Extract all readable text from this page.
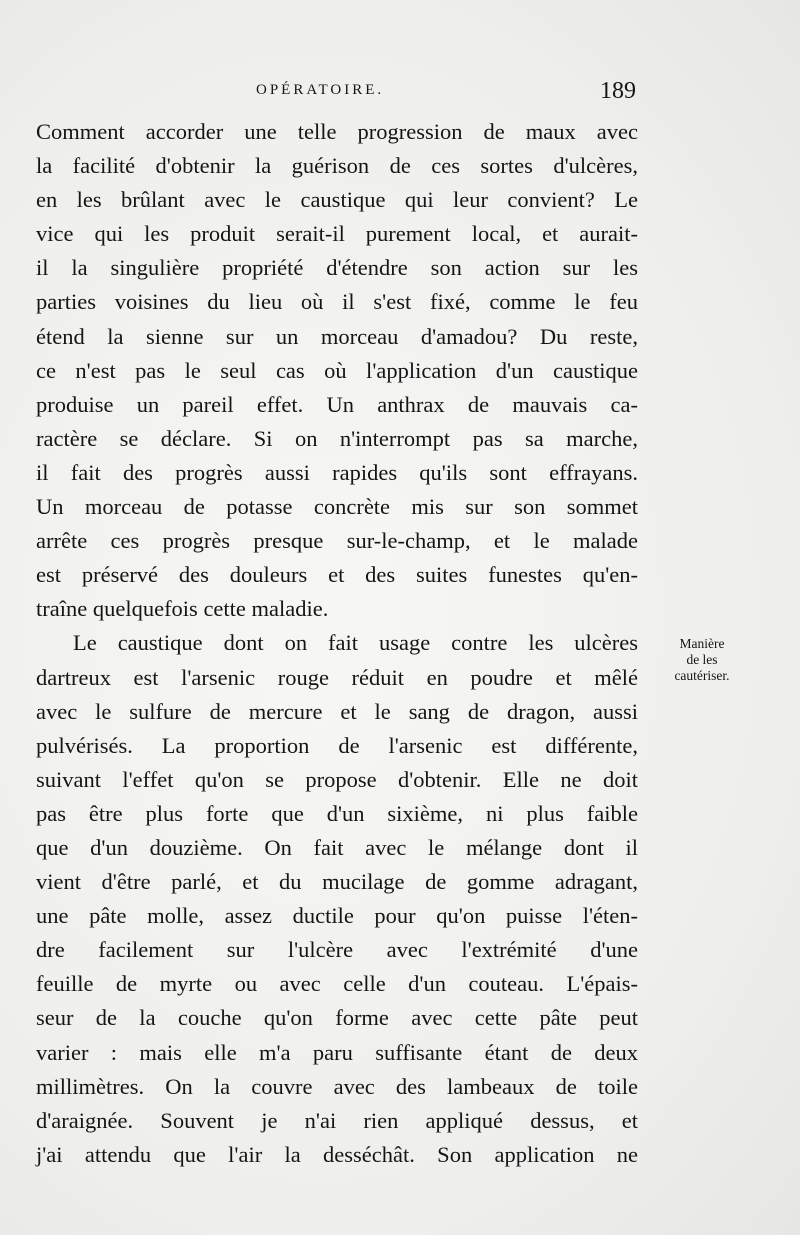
OPÉRATOIRE.	189
Comment accorder une telle progression de maux avec
la facilité d'obtenir la guérison de ces sortes d'ulcères,
en les brûlant avec le caustique qui leur convient? Le
vice qui les produit serait-il purement local, et aurait-
il la singulière propriété d'étendre son action sur les
parties voisines du lieu où il s'est fixé, comme le feu
étend la sienne sur un morceau d'amadou? Du reste,
ce n'est pas le seul cas où l'application d'un caustique
produise un pareil effet. Un anthrax de mauvais ca-
ractère se déclare. Si on n'interrompt pas sa marche,
il fait des progrès aussi rapides qu'ils sont effrayans.
Un morceau de potasse concrète mis sur son sommet
arrête ces progrès presque sur-le-champ, et le malade
est préservé des douleurs et des suites funestes qu'en-
traîne quelquefois cette maladie.
Le caustique dont on fait usage contre les ulcères
dartreux est l'arsenic rouge réduit en poudre et mêlé
avec le sulfure de mercure et le sang de dragon, aussi
pulvérisés. La proportion de l'arsenic est différente,
suivant l'effet qu'on se propose d'obtenir. Elle ne doit
pas être plus forte que d'un sixième, ni plus faible
que d'un douzième. On fait avec le mélange dont il
vient d'être parlé, et du mucilage de gomme adragant,
une pâte molle, assez ductile pour qu'on puisse l'éten-
dre facilement sur l'ulcère avec l'extrémité d'une
feuille de myrte ou avec celle d'un couteau. L'épais-
seur de la couche qu'on forme avec cette pâte peut
varier : mais elle m'a paru suffisante étant de deux
millimètres. On la couvre avec des lambeaux de toile
d'araignée. Souvent je n'ai rien appliqué dessus, et
j'ai attendu que l'air la desséchât. Son application ne
Manière
de les
cautériser.
